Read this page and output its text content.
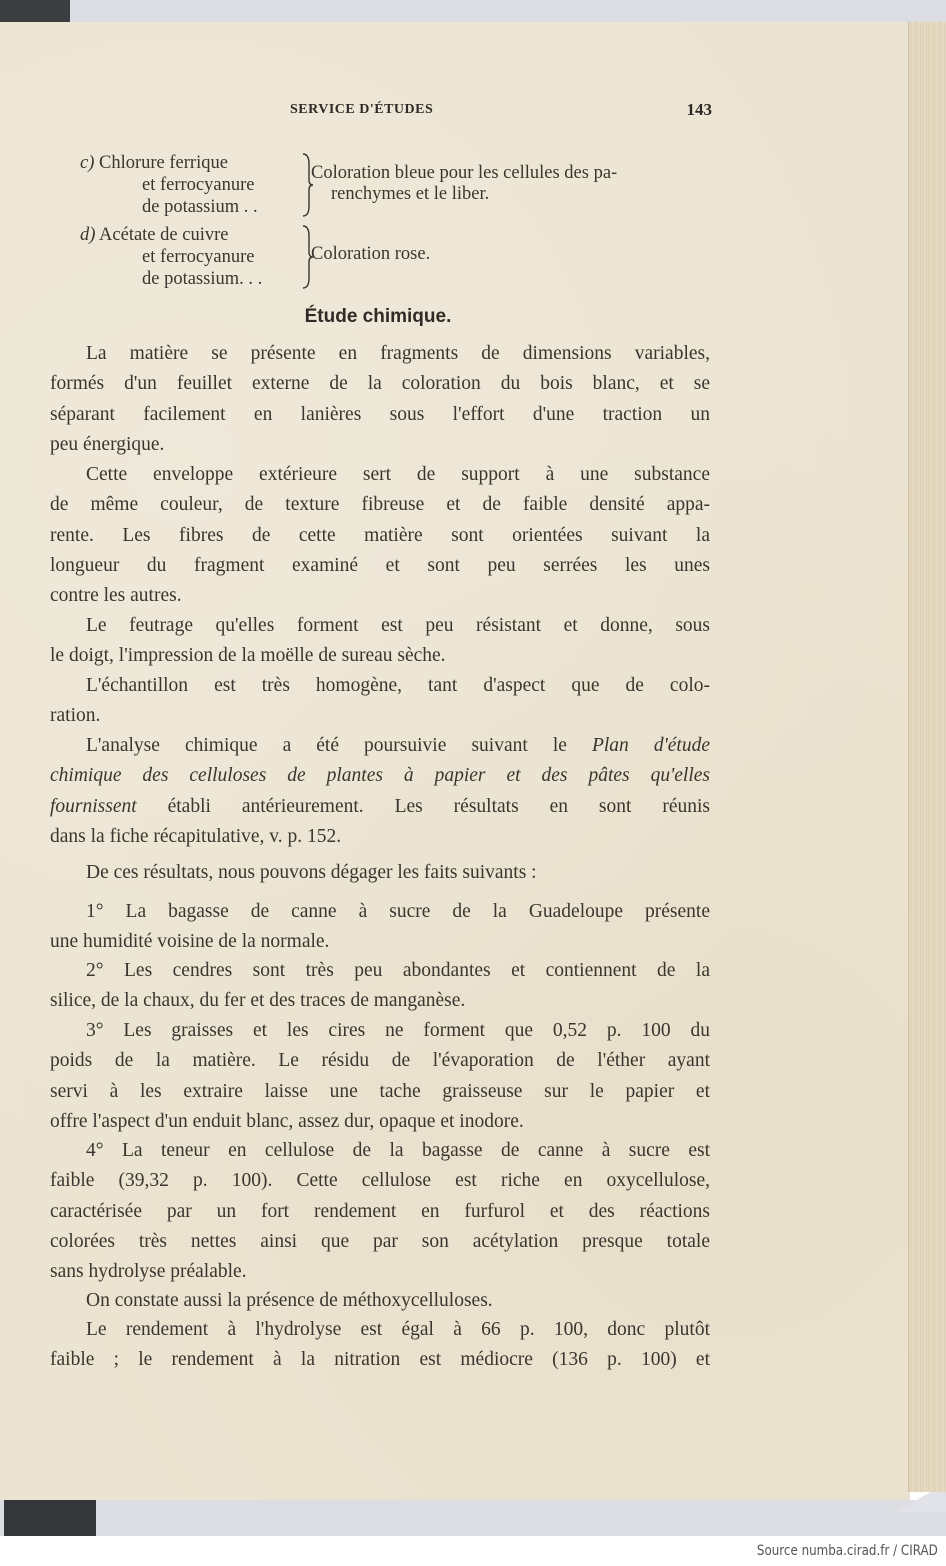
SERVICE D'ÉTUDES	143
c) Chlorure ferrique
et ferrocyanure
de potassium . .
Coloration bleue pour les cellules des pa-
renchymes et le liber.
d) Acétate de cuivre
et ferrocyanure
de potassium. . .
Coloration rose.
Étude chimique.
La matière se présente en fragments de dimensions variables,
formés d'un feuillet externe de la coloration du bois blanc, et se
séparant facilement en lanières sous l'effort d'une traction un
peu énergique.
Cette enveloppe extérieure sert de support à une substance
de même couleur, de texture fibreuse et de faible densité appa-
rente. Les fibres de cette matière sont orientées suivant la
longueur du fragment examiné et sont peu serrées les unes
contre les autres.
Le feutrage qu'elles forment est peu résistant et donne, sous
le doigt, l'impression de la moëlle de sureau sèche.
L'échantillon est très homogène, tant d'aspect que de colo-
ration.
L'analyse chimique a été poursuivie suivant le Plan d'étude
chimique des celluloses de plantes à papier et des pâtes qu'elles
fournissent établi antérieurement. Les résultats en sont réunis
dans la fiche récapitulative, v. p. 152.
De ces résultats, nous pouvons dégager les faits suivants :
1° La bagasse de canne à sucre de la Guadeloupe présente
une humidité voisine de la normale.
2° Les cendres sont très peu abondantes et contiennent de la
silice, de la chaux, du fer et des traces de manganèse.
3° Les graisses et les cires ne forment que 0,52 p. 100 du
poids de la matière. Le résidu de l'évaporation de l'éther ayant
servi à les extraire laisse une tache graisseuse sur le papier et
offre l'aspect d'un enduit blanc, assez dur, opaque et inodore.
4° La teneur en cellulose de la bagasse de canne à sucre est
faible (39,32 p. 100). Cette cellulose est riche en oxycellulose,
caractérisée par un fort rendement en furfurol et des réactions
colorées très nettes ainsi que par son acétylation presque totale
sans hydrolyse préalable.
On constate aussi la présence de méthoxycelluloses.
Le rendement à l'hydrolyse est égal à 66 p. 100, donc plutôt
faible ; le rendement à la nitration est médiocre (136 p. 100) et
Source numba.cirad.fr / CIRAD
